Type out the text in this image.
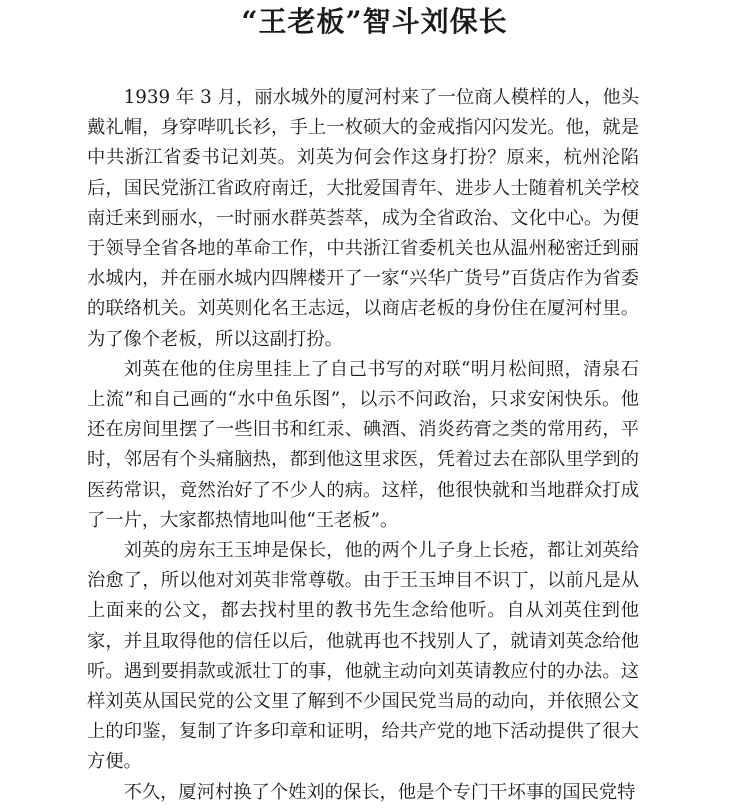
“王老板”智斗刘保长

1939 年 3 月，丽水城外的厦河村来了一位商人模样的人，他头戴礼帽，身穿哔叽长衫，手上一枚硕大的金戒指闪闪发光。他，就是中共浙江省委书记刘英。刘英为何会作这身打扮？原来，杭州沦陷后，国民党浙江省政府南迁，大批爱国青年、进步人士随着机关学校南迁来到丽水，一时丽水群英荟萃，成为全省政治、文化中心。为便于领导全省各地的革命工作，中共浙江省委机关也从温州秘密迁到丽水城内，并在丽水城内四牌楼开了一家“兴华广货号”百货店作为省委的联络机关。刘英则化名王志远，以商店老板的身份住在厦河村里。为了像个老板，所以这副打扮。

刘英在他的住房里挂上了自己书写的对联“明月松间照，清泉石上流”和自己画的“水中鱼乐图”，以示不问政治，只求安闲快乐。他还在房间里摆了一些旧书和红汞、碘酒、消炎药膏之类的常用药，平时，邻居有个头痛脑热，都到他这里求医，凭着过去在部队里学到的医药常识，竟然治好了不少人的病。这样，他很快就和当地群众打成了一片，大家都热情地叫他“王老板”。

刘英的房东王玉坤是保长，他的两个儿子身上长疮，都让刘英给治愈了，所以他对刘英非常尊敬。由于王玉坤目不识丁，以前凡是从上面来的公文，都去找村里的教书先生念给他听。自从刘英住到他家，并且取得他的信任以后，他就再也不找别人了，就请刘英念给他听。遇到要捐款或派壮丁的事，他就主动向刘英请教应付的办法。这样刘英从国民党的公文里了解到不少国民党当局的动向，并依照公文上的印鉴，复制了许多印章和证明，给共产党的地下活动提供了很大方便。

不久，厦河村换了个姓刘的保长，他是个专门干坏事的国民党特
